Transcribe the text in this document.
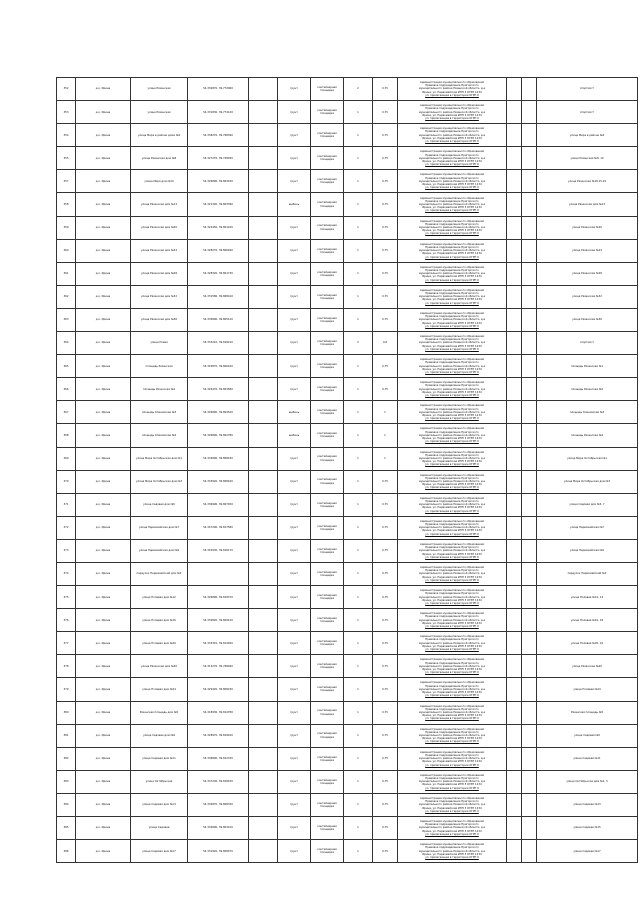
352	д.о. Ирина	улица Рязанская	54.332870, 39.772960		грунт	контейнерная площадка	2	0,75	Администрация муниципального образования
Правовое подразделение Пригорского
муниципального района Рязанской области, д.а
Ирина, ул. Первомайская ИНН 3 ОГРН 1234
ул. прилегающая в территории ОГРН 0			спортмост
353	д.о. Ирина	улица Рязанская	54.331830, 39.774120		грунт	контейнерная площадка	1	0,75	Администрация муниципального образования
Правовое подразделение Пригорского
муниципального района Рязанской области, д.а
Ирина, ул. Первомайская ИНН 3 ОГРН 1234
ул. прилегающая в территории ОГРН 0			спортмост
354	д.о. Ирина	улица Мира в районе дома №4	54.338270, 39.768390		грунт	контейнерная площадка	1	0,75	Администрация муниципального образования
Правовое подразделение Пригорского
муниципального района Рязанской области, д.а
Ирина, ул. Первомайская ИНН 3 ОГРН 1234
ул. прилегающая в территории ОГРН 0			улица Мира в районе №4
355	д.о. Ирина	улица Рязанская дом №8	54.327270, 39.748930		грунт	контейнерная площадка	1	0,75	Администрация муниципального образования
Правовое подразделение Пригорского
муниципального района Рязанской области, д.а
Ирина, ул. Первомайская ИНН 3 ОГРН 1234
ул. прилегающая в территории ОГРН 0			улица Рязанская №8, 10
357	д.о. Ирина	улица Мира дом №10	54.326890, 39.803430		грунт	контейнерная площадка	1	0,75	Администрация муниципального образования
Правовое подразделение Пригорского
муниципального района Рязанской области, д.а
Ирина, ул. Первомайская ИНН 3 ОГРН 1234
ул. прилегающая в территории ОГРН 0			улица Рязанская №18,15,19
358	д.о. Ирина	улица Рязанская дом №13	54.321340, 39.803390		щебень	контейнерная площадка	1	0,75	Администрация муниципального образования
Правовое подразделение Пригорского
муниципального района Рязанской области, д.а
Ирина, ул. Первомайская ИНН 3 ОГРН 1234
ул. прилегающая в территории ОГРН 0			улица Рязанская дом №13
359	д.о. Ирина	улица Рязанская дом №20	54.322450, 39.801220		грунт	контейнерная площадка	1	0,75	Администрация муниципального образования
Правовое подразделение Пригорского
муниципального района Рязанской области, д.а
Ирина, ул. Первомайская ИНН 3 ОГРН 1234
ул. прилегающая в территории ОГРН 0			улица Рязанская №20
360	д.о. Ирина	улица Рязанская дом №24	54.328270, 39.806490		грунт	контейнерная площадка	1	0,75	Администрация муниципального образования
Правовое подразделение Пригорского
муниципального района Рязанской области, д.а
Ирина, ул. Первомайская ИНН 3 ОГРН 1234
ул. прилегающая в территории ОГРН 0			улица Рязанская №24
361	д.о. Ирина	улица Рязанская дом №28	54.328320, 39.801730		грунт	контейнерная площадка	1	0,75	Администрация муниципального образования
Правовое подразделение Пригорского
муниципального района Рязанской области, д.а
Ирина, ул. Первомайская ИНН 3 ОГРН 1234
ул. прилегающая в территории ОГРН 0			улица Рязанская №28
362	д.о. Ирина	улица Рязанская дом №32	54.331580, 39.808410		грунт	контейнерная площадка	1	0,75	Администрация муниципального образования
Правовое подразделение Пригорского
муниципального района Рязанской области, д.а
Ирина, ул. Первомайская ИНН 3 ОГРН 1234
ул. прилегающая в территории ОГРН 0			улица Рязанская №32
363	д.о. Ирина	улица Рязанская дом №36	54.332890, 39.805120		грунт	контейнерная площадка	1	0,75	Администрация муниципального образования
Правовое подразделение Пригорского
муниципального района Рязанской области, д.а
Ирина, ул. Первомайская ИНН 3 ОГРН 1234
ул. прилегающая в территории ОГРН 0			улица Рязанская №36
364	д.о. Ирина	улица Новая	54.333210, 39.818210		грунт	контейнерная площадка	2	0,8	Администрация муниципального образования
Правовое подразделение Пригорского
муниципального района Рязанской области, д.а
Ирина, ул. Первомайская ИНН 3 ОГРН 1234
ул. прилегающая в территории ОГРН 0			спортмост
365	д.о. Ирина	площадь Рязанская	54.324870, 39.806420		грунт	контейнерная площадка	1	0,75	Администрация муниципального образования
Правовое подразделение Пригорского
муниципального района Рязанской области, д.а
Ирина, ул. Первомайская ИНН 3 ОГРН 1234
ул. прилегающая в территории ОГРН 0			площадь Рязанская №1
366	д.о. Ирина	площадь Рязанская №2	54.326470, 39.803580		грунт	контейнерная площадка	1	0,75	Администрация муниципального образования
Правовое подразделение Пригорского
муниципального района Рязанской области, д.а
Ирина, ул. Первомайская ИНН 3 ОГРН 1234
ул. прилегающая в территории ОГРН 0			площадь Рязанская №2
367	д.о. Ирина	площадь Кленовская №3	54.326890, 39.804520		щебень	контейнерная площадка	1	1	Администрация муниципального образования
Правовое подразделение Пригорского
муниципального района Рязанской области, д.а
Ирина, ул. Первомайская ИНН 3 ОГРН 1234
ул. прилегающая в территории ОГРН 0			площадь Кленовская №3
368	д.о. Ирина	площадь Кленовская №4	54.326890, 39.802780		щебень	контейнерная площадка	1	1	Администрация муниципального образования
Правовое подразделение Пригорского
муниципального района Рязанской области, д.а
Ирина, ул. Первомайская ИНН 3 ОГРН 1234
ул. прилегающая в территории ОГРН 0			площадь Рязанская №4
369	д.о. Ирина	улица Мира Октябрьская дом №1	54.334890, 39.808430		грунт	контейнерная площадка	1	1	Администрация муниципального образования
Правовое подразделение Пригорского
муниципального района Рязанской области, д.а
Ирина, ул. Первомайская ИНН 3 ОГРН 1234
ул. прилегающая в территории ОГРН 0			улица Мира Октябрьская №1
370	д.о. Ирина	улица Мира Октябрьская дом №3	54.333920, 39.808160		грунт	контейнерная площадка	1	0,75	Администрация муниципального образования
Правовое подразделение Пригорского
муниципального района Рязанской области, д.а
Ирина, ул. Первомайская ИНН 3 ОГРН 1234
ул. прилегающая в территории ОГРН 0			улица Мира Октябрьская дом №3
371	д.о. Ирина	улица Садовая дом №5	54.336990, 39.807450		грунт	контейнерная площадка	1	0,75	Администрация муниципального образования
Правовое подразделение Пригорского
муниципального района Рязанской области, д.а
Ирина, ул. Первомайская ИНН 3 ОГРН 1234
ул. прилегающая в территории ОГРН 0			улица Садовая дом №5, 7
372	д.о. Ирина	улица Первомайская дом №7	54.347290, 39.817580		грунт	контейнерная площадка	1	0,75	Администрация муниципального образования
Правовое подразделение Пригорского
муниципального района Рязанской области, д.а
Ирина, ул. Первомайская ИНН 3 ОГРН 1234
ул. прилегающая в территории ОГРН 0			улица Первомайская №7
373	д.о. Ирина	улица Первомайская дом №9	54.343930, 39.818170		грунт	контейнерная площадка	1	0,75	Администрация муниципального образования
Правовое подразделение Пригорского
муниципального района Рязанской области, д.а
Ирина, ул. Первомайская ИНН 3 ОГРН 1234
ул. прилегающая в территории ОГРН 0			улица Первомайская №9
374	д.о. Ирина	переулок Первомайский дом №2			грунт	контейнерная площадка	1	0,75	Администрация муниципального образования
Правовое подразделение Пригорского
муниципального района Рязанской области, д.а
Ирина, ул. Первомайская ИНН 3 ОГРН 1234
ул. прилегающая в территории ОГРН 0			переулок Первомайский №2
375	д.о. Ирина	улица Полевая дом №12	54.326890, 39.818370		грунт	контейнерная площадка	1	0,75	Администрация муниципального образования
Правовое подразделение Пригорского
муниципального района Рязанской области, д.а
Ирина, ул. Первомайская ИНН 3 ОГРН 1234
ул. прилегающая в территории ОГРН 0			улица Полевая №12, 14
376	д.о. Ирина	улица Полевая дом №16	54.332820, 39.809120		грунт	контейнерная площадка	1	0,75	Администрация муниципального образования
Правовое подразделение Пригорского
муниципального района Рязанской области, д.а
Ирина, ул. Первомайская ИНН 3 ОГРН 1234
ул. прилегающая в территории ОГРН 0			улица Полевая №16, 18
377	д.о. Ирина	улица Полевая дом №20	54.333310, 39.814920		грунт	контейнерная площадка	1	0,75	Администрация муниципального образования
Правовое подразделение Пригорского
муниципального района Рязанской области, д.а
Ирина, ул. Первомайская ИНН 3 ОГРН 1234
ул. прилегающая в территории ОГРН 0			улица Полевая №20, 22
378	д.о. Ирина	улица Рязанская дом №40	54.313270, 39.768940		грунт	контейнерная площадка	1	0,75	Администрация муниципального образования
Правовое подразделение Пригорского
муниципального района Рязанской области, д.а
Ирина, ул. Первомайская ИНН 3 ОГРН 1234
ул. прилегающая в территории ОГРН 0			улица Рязанская №40
379	д.о. Ирина	улица Полевая дом №24	54.329420, 39.808230		грунт	контейнерная площадка	1	0,75	Администрация муниципального образования
Правовое подразделение Пригорского
муниципального района Рязанской области, д.а
Ирина, ул. Первомайская ИНН 3 ОГРН 1234
ул. прилегающая в территории ОГРН 0			улица Полевая №24
380	д.о. Ирина	Рязанская площадь дом №5	54.318930, 39.814780		грунт	контейнерная площадка	1	0,75	Администрация муниципального образования
Правовое подразделение Пригорского
муниципального района Рязанской области, д.а
Ирина, ул. Первомайская ИНН 3 ОГРН 1234
ул. прилегающая в территории ОГРН 0			Рязанская площадь №5
381	д.о. Ирина	улица Садовая дом №9	54.328970, 39.818420		грунт	контейнерная площадка	1	0,75	Администрация муниципального образования
Правовое подразделение Пригорского
муниципального района Рязанской области, д.а
Ирина, ул. Первомайская ИНН 3 ОГРН 1234
ул. прилегающая в территории ОГРН 0			улица Садовая №9
382	д.о. Ирина	улица Садовая дом №11	54.336890, 39.812330		грунт	контейнерная площадка	1	0,75	Администрация муниципального образования
Правовое подразделение Пригорского
муниципального района Рязанской области, д.а
Ирина, ул. Первомайская ИНН 3 ОГРН 1234
ул. прилегающая в территории ОГРН 0			улица Садовая №11
383	д.о. Ирина	улица Октябрьская	54.337230, 39.818430		грунт	контейнерная площадка	1	0,75	Администрация муниципального образования
Правовое подразделение Пригорского
муниципального района Рязанской области, д.а
Ирина, ул. Первомайская ИНН 3 ОГРН 1234
ул. прилегающая в территории ОГРН 0			улица Октябрьская дом №1, 3
384	д.о. Ирина	улица Садовая дом №13	54.334870, 39.808330		грунт	контейнерная площадка	1	0,75	Администрация муниципального образования
Правовое подразделение Пригорского
муниципального района Рязанской области, д.а
Ирина, ул. Первомайская ИНН 3 ОГРН 1234
ул. прилегающая в территории ОГРН 0			улица Садовая №13
385	д.о. Ирина	улица Садовая	54.334890, 39.803410		грунт	контейнерная площадка	1	0,75	Администрация муниципального образования
Правовое подразделение Пригорского
муниципального района Рязанской области, д.а
Ирина, ул. Первомайская ИНН 3 ОГРН 1234
ул. прилегающая в территории ОГРН 0			улица Садовая №15
386	д.о. Ирина	улица Садовая дом №17	54.331920, 39.808470		грунт	контейнерная площадка	1	0,75	Администрация муниципального образования
Правовое подразделение Пригорского
муниципального района Рязанской области, д.а
Ирина, ул. Первомайская ИНН 3 ОГРН 1234
ул. прилегающая в территории ОГРН 0			улица Садовая №17
